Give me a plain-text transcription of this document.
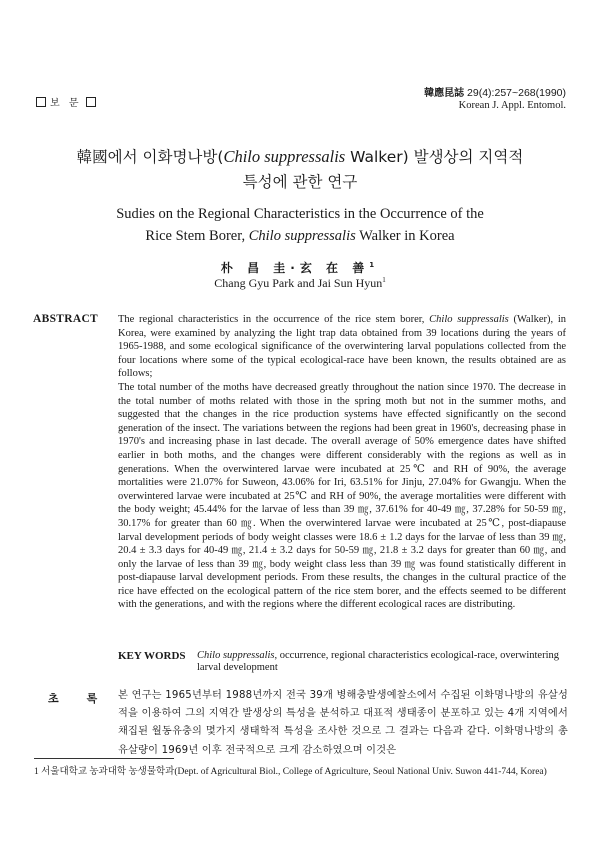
보 문
韓應昆誌 29(4):257~268(1990)
Korean J. Appl. Entomol.
韓國에서 이화명나방(Chilo suppressalis Walker) 발생상의 지역적
특성에 관한 연구
Sudies on the Regional Characteristics in the Occurrence of the
Rice Stem Borer, Chilo suppressalis Walker in Korea
朴 昌 圭·玄 在 善$^1$
Chang Gyu Park and Jai Sun Hyun$^1$
ABSTRACT The regional characteristics in the occurrence of the rice stem borer, Chilo suppressalis (Walker), in Korea, were examined by analyzing the light trap data obtained from 39 locations during the years of 1965-1988, and some ecological significance of the overwintering larval populations collected from the four locations where some of the typical ecological-race have been known, the results obtained are as follows;

The total number of the moths have decreased greatly throughout the nation since 1970. The decrease in the total number of moths related with those in the spring moth but not in the summer moths, and suggested that the changes in the rice production systems have effected significantly on the second generation of the insect. The variations between the regions had been great in 1960's, decreasing phase in 1970's and increasing phase in last decade. The overall average of 50% emergence dates have shifted earlier in both moths, and the changes were different considerably with the regions as well as in generations. When the overwintered larvae were incubated at 25℃ and RH of 90%, the average mortalities were 21.07% for Suweon, 43.06% for Iri, 63.51% for Jinju, 27.04% for Gwangju. When the overwintered larvae were incubated at 25℃ and RH of 90%, the average mortalities were different with the body weight; 45.44% for the larvae of less than 39 ㎎, 37.61% for 40-49 ㎎, 37.28% for 50-59 ㎎, 30.17% for greater than 60 ㎎. When the overwintered larvae were incubated at 25℃, post-diapause larval development periods of body weight classes were 18.6 ± 1.2 days for the larvae of less than 39 ㎎, 20.4 ± 3.3 days for 40-49 ㎎, 21.4 ± 3.2 days for 50-59 ㎎, 21.8 ± 3.2 days for greater than 60 ㎎, and only the larvae of less than 39 ㎎, body weight class less than 39 ㎎ was found statistically different in post-diapause larval development periods. From these results, the changes in the cultural practice of the rice have effected on the ecological pattern of the rice stem borer, and the effects seemed to be different with the generations, and with the regions where the different ecological races are distributing.

KEY WORDS Chilo suppressalis, occurrence, regional characteristics ecological-race, overwintering larval development
초록
본 연구는 1965년부터 1988년까지 전국 39개 병해충발생예찰소에서 수집된 이화명나방의 유살성적을 이용하여 그의 지역간 발생상의 특성을 분석하고 대표적 생태종이 분포하고 있는 4개 지역에서 채집된 월동유충의 몇가지 생태학적 특성을 조사한 것으로 그 결과는 다음과 같다. 이화명나방의 총유살량이 1969년 이후 전국적으로 크게 감소하였으며 이것은
1 서울대학교 농과대학 농생물학과(Dept. of Agricultural Biol., College of Agriculture, Seoul National Univ. Suwon 441-744, Korea)
